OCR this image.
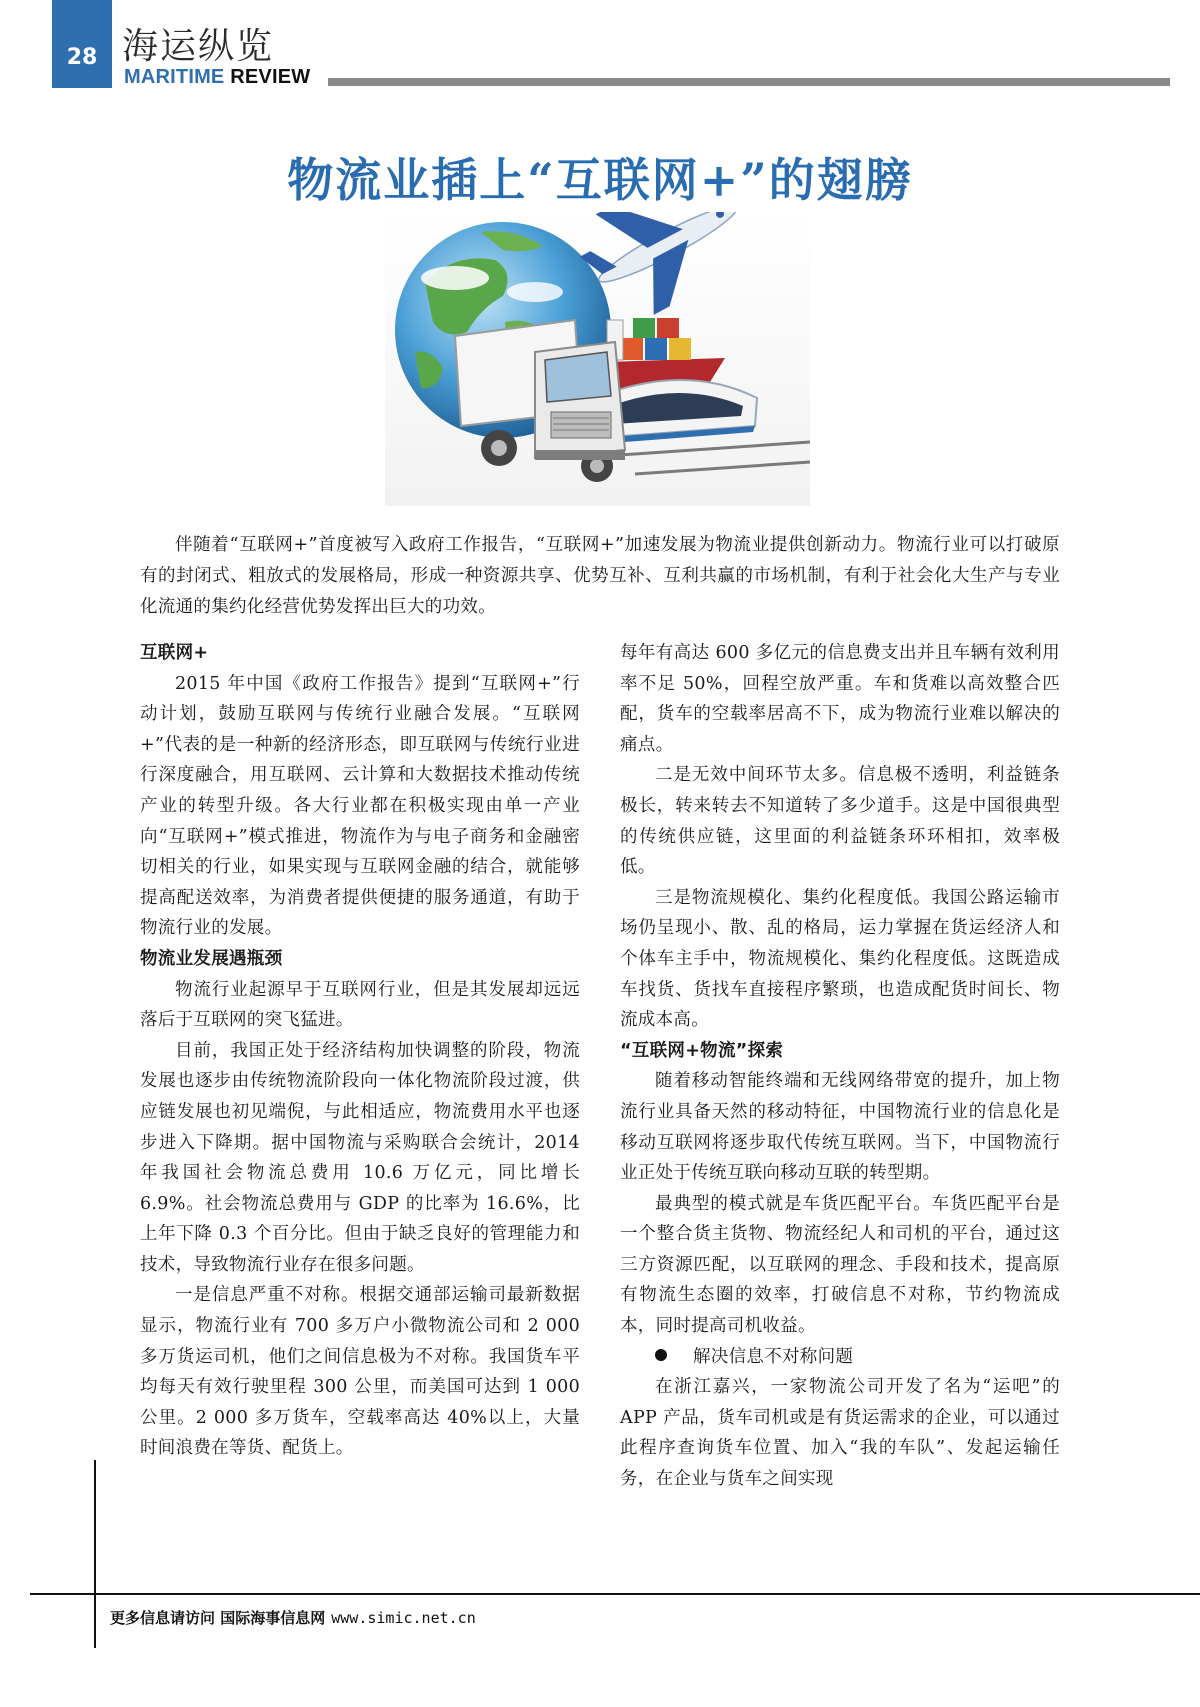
28 海运纵览
MARITIME REVIEW
物流业插上“互联网+”的翅膀

伴随着“互联网+”首度被写入政府工作报告，“互联网+”加速发展为物流业提供创新动力。物流行业可以打破原有的封闭式、粗放式的发展格局，形成一种资源共享、优势互补、互利共赢的市场机制，有利于社会化大生产与专业化流通的集约化经营优势发挥出巨大的功效。

互联网+

2015 年中国《政府工作报告》提到“互联网+”行动计划，鼓励互联网与传统行业融合发展。“互联网+”代表的是一种新的经济形态，即互联网与传统行业进行深度融合，用互联网、云计算和大数据技术推动传统产业的转型升级。各大行业都在积极实现由单一产业向“互联网+”模式推进，物流作为与电子商务和金融密切相关的行业，如果实现与互联网金融的结合，就能够提高配送效率，为消费者提供便捷的服务通道，有助于物流行业的发展。

物流业发展遇瓶颈

物流行业起源早于互联网行业，但是其发展却远远落后于互联网的突飞猛进。

目前，我国正处于经济结构加快调整的阶段，物流发展也逐步由传统物流阶段向一体化物流阶段过渡，供应链发展也初见端倪，与此相适应，物流费用水平也逐步进入下降期。据中国物流与采购联合会统计，2014 年我国社会物流总费用 10.6 万亿元，同比增长 6.9%。社会物流总费用与 GDP 的比率为 16.6%，比上年下降 0.3 个百分比。但由于缺乏良好的管理能力和技术，导致物流行业存在很多问题。

一是信息严重不对称。根据交通部运输司最新数据显示，物流行业有 700 多万户小微物流公司和 2 000 多万货运司机，他们之间信息极为不对称。我国货车平均每天有效行驶里程 300 公里，而美国可达到 1 000 公里。2 000 多万货车，空载率高达 40%以上，大量时间浪费在等货、配货上。

每年有高达 600 多亿元的信息费支出并且车辆有效利用率不足 50%，回程空放严重。车和货难以高效整合匹配，货车的空载率居高不下，成为物流行业难以解决的痛点。

二是无效中间环节太多。信息极不透明，利益链条极长，转来转去不知道转了多少道手。这是中国很典型的传统供应链，这里面的利益链条环环相扣，效率极低。

三是物流规模化、集约化程度低。我国公路运输市场仍呈现小、散、乱的格局，运力掌握在货运经济人和个体车主手中，物流规模化、集约化程度低。这既造成车找货、货找车直接程序繁琐，也造成配货时间长、物流成本高。

“互联网+物流”探索

随着移动智能终端和无线网络带宽的提升，加上物流行业具备天然的移动特征，中国物流行业的信息化是移动互联网将逐步取代传统互联网。当下，中国物流行业正处于传统互联向移动互联的转型期。

最典型的模式就是车货匹配平台。车货匹配平台是一个整合货主货物、物流经纪人和司机的平台，通过这三方资源匹配，以互联网的理念、手段和技术，提高原有物流生态圈的效率，打破信息不对称，节约物流成本，同时提高司机收益。

解决信息不对称问题

在浙江嘉兴，一家物流公司开发了名为“运吧”的 APP 产品，货车司机或是有货运需求的企业，可以通过此程序查询货车位置、加入“我的车队”、发起运输任务，在企业与货车之间实现

更多信息请访问 国际海事信息网 www.simic.net.cn
